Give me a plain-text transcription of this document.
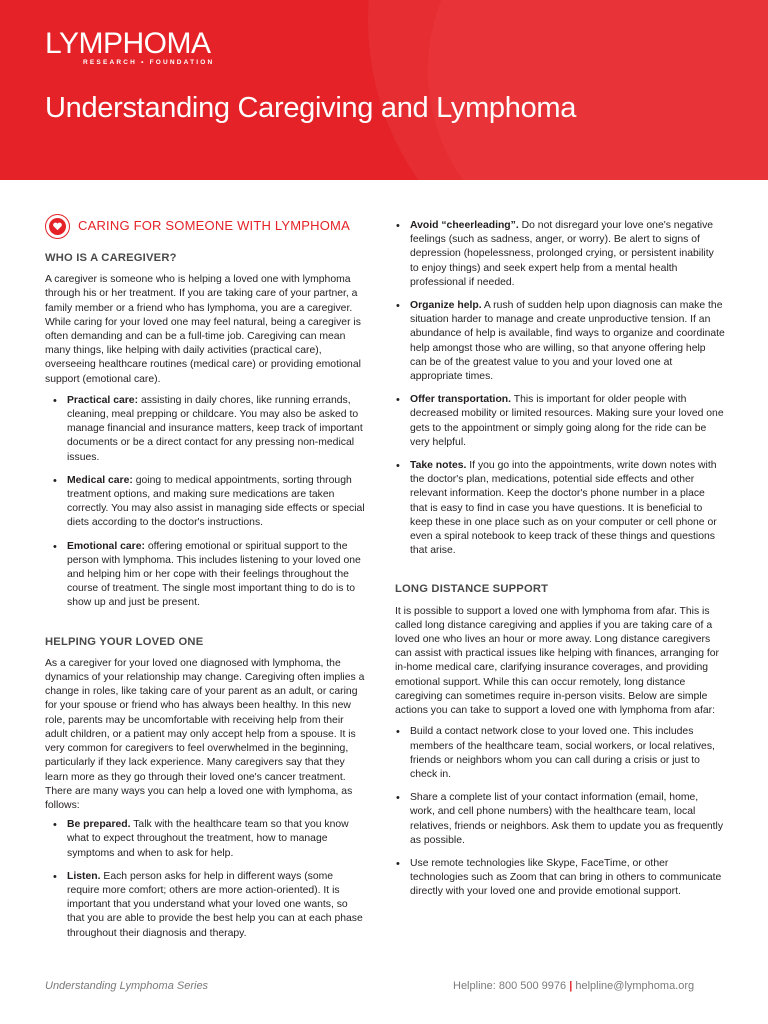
LYMPHOMA
RESEARCH • FOUNDATION
Understanding Caregiving and Lymphoma
CARING FOR SOMEONE WITH LYMPHOMA
WHO IS A CAREGIVER?

A caregiver is someone who is helping a loved one with lymphoma through his or her treatment. If you are taking care of your partner, a family member or a friend who has lymphoma, you are a caregiver. While caring for your loved one may feel natural, being a caregiver is often demanding and can be a full-time job. Caregiving can mean many things, like helping with daily activities (practical care), overseeing healthcare routines (medical care) or providing emotional support (emotional care).

• Practical care: assisting in daily chores, like running errands, cleaning, meal prepping or childcare. You may also be asked to manage financial and insurance matters, keep track of important documents or be a direct contact for any pressing non-medical issues.
• Medical care: going to medical appointments, sorting through treatment options, and making sure medications are taken correctly. You may also assist in managing side effects or special diets according to the doctor's instructions.
• Emotional care: offering emotional or spiritual support to the person with lymphoma. This includes listening to your loved one and helping him or her cope with their feelings throughout the course of treatment. The single most important thing to do is to show up and just be present.
HELPING YOUR LOVED ONE

As a caregiver for your loved one diagnosed with lymphoma, the dynamics of your relationship may change. Caregiving often implies a change in roles, like taking care of your parent as an adult, or caring for your spouse or friend who has always been healthy. In this new role, parents may be uncomfortable with receiving help from their adult children, or a patient may only accept help from a spouse. It is very common for caregivers to feel overwhelmed in the beginning, particularly if they lack experience. Many caregivers say that they learn more as they go through their loved one's cancer treatment. There are many ways you can help a loved one with lymphoma, as follows:

• Be prepared. Talk with the healthcare team so that you know what to expect throughout the treatment, how to manage symptoms and when to ask for help.
• Listen. Each person asks for help in different ways (some require more comfort; others are more action-oriented). It is important that you understand what your loved one wants, so that you are able to provide the best help you can at each phase throughout their diagnosis and therapy.
• Avoid “cheerleading”. Do not disregard your love one's negative feelings (such as sadness, anger, or worry). Be alert to signs of depression (hopelessness, prolonged crying, or persistent inability to enjoy things) and seek expert help from a mental health professional if needed.
• Organize help. A rush of sudden help upon diagnosis can make the situation harder to manage and create unproductive tension. If an abundance of help is available, find ways to organize and coordinate help amongst those who are willing, so that anyone offering help can be of the greatest value to you and your loved one at appropriate times.
• Offer transportation. This is important for older people with decreased mobility or limited resources. Making sure your loved one gets to the appointment or simply going along for the ride can be very helpful.
• Take notes. If you go into the appointments, write down notes with the doctor's plan, medications, potential side effects and other relevant information. Keep the doctor's phone number in a place that is easy to find in case you have questions. It is beneficial to keep these in one place such as on your computer or cell phone or even a spiral notebook to keep track of these things and questions that arise.
LONG DISTANCE SUPPORT

It is possible to support a loved one with lymphoma from afar. This is called long distance caregiving and applies if you are taking care of a loved one who lives an hour or more away. Long distance caregivers can assist with practical issues like helping with finances, arranging for in-home medical care, clarifying insurance coverages, and providing emotional support. While this can occur remotely, long distance caregiving can sometimes require in-person visits. Below are simple actions you can take to support a loved one with lymphoma from afar:

• Build a contact network close to your loved one. This includes members of the healthcare team, social workers, or local relatives, friends or neighbors whom you can call during a crisis or just to check in.
• Share a complete list of your contact information (email, home, work, and cell phone numbers) with the healthcare team, local relatives, friends or neighbors. Ask them to update you as frequently as possible.
• Use remote technologies like Skype, FaceTime, or other technologies such as Zoom that can bring in others to communicate directly with your loved one and provide emotional support.
Understanding Lymphoma Series	Helpline: 800 500 9976 | helpline@lymphoma.org
